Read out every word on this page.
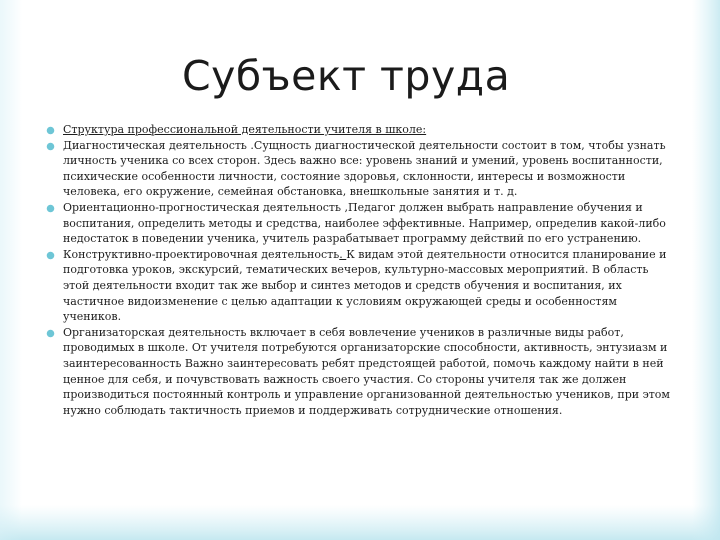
Субъект труда
Структура профессиональной деятельности учителя в школе:
Диагностическая деятельность .Сущность диагностической деятельности состоит в том, чтобы узнать личность ученика со всех сторон. Здесь важно все: уровень знаний и умений, уровень воспитанности, психические особенности личности, состояние здоровья, склонности, интересы и возможности человека, его окружение, семейная обстановка, внешкольные занятия и т. д.
Ориентационно-прогностическая деятельность ,Педагог должен выбрать направление обучения и воспитания, определить методы и средства, наиболее эффективные. Например, определив какой-либо недостаток в поведении ученика, учитель разрабатывает программу действий по его устранению.
Конструктивно-проектировочная деятельность. К видам этой деятельности относится планирование и подготовка уроков, экскурсий, тематических вечеров, культурно-массовых мероприятий. В область этой деятельности входит так же выбор и синтез методов и средств обучения и воспитания, их частичное видоизменение с целью адаптации к условиям окружающей среды и особенностям учеников.
Организаторская деятельность включает в себя вовлечение учеников в различные виды работ, проводимых в школе. От учителя потребуются организаторские способности, активность, энтузиазм и заинтересованность Важно заинтересовать ребят предстоящей работой, помочь каждому найти в ней ценное для себя, и почувствовать важность своего участия. Со стороны учителя так же должен производиться постоянный контроль и управление организованной деятельностью учеников, при этом нужно соблюдать тактичность приемов и поддерживать сотруднические отношения.
